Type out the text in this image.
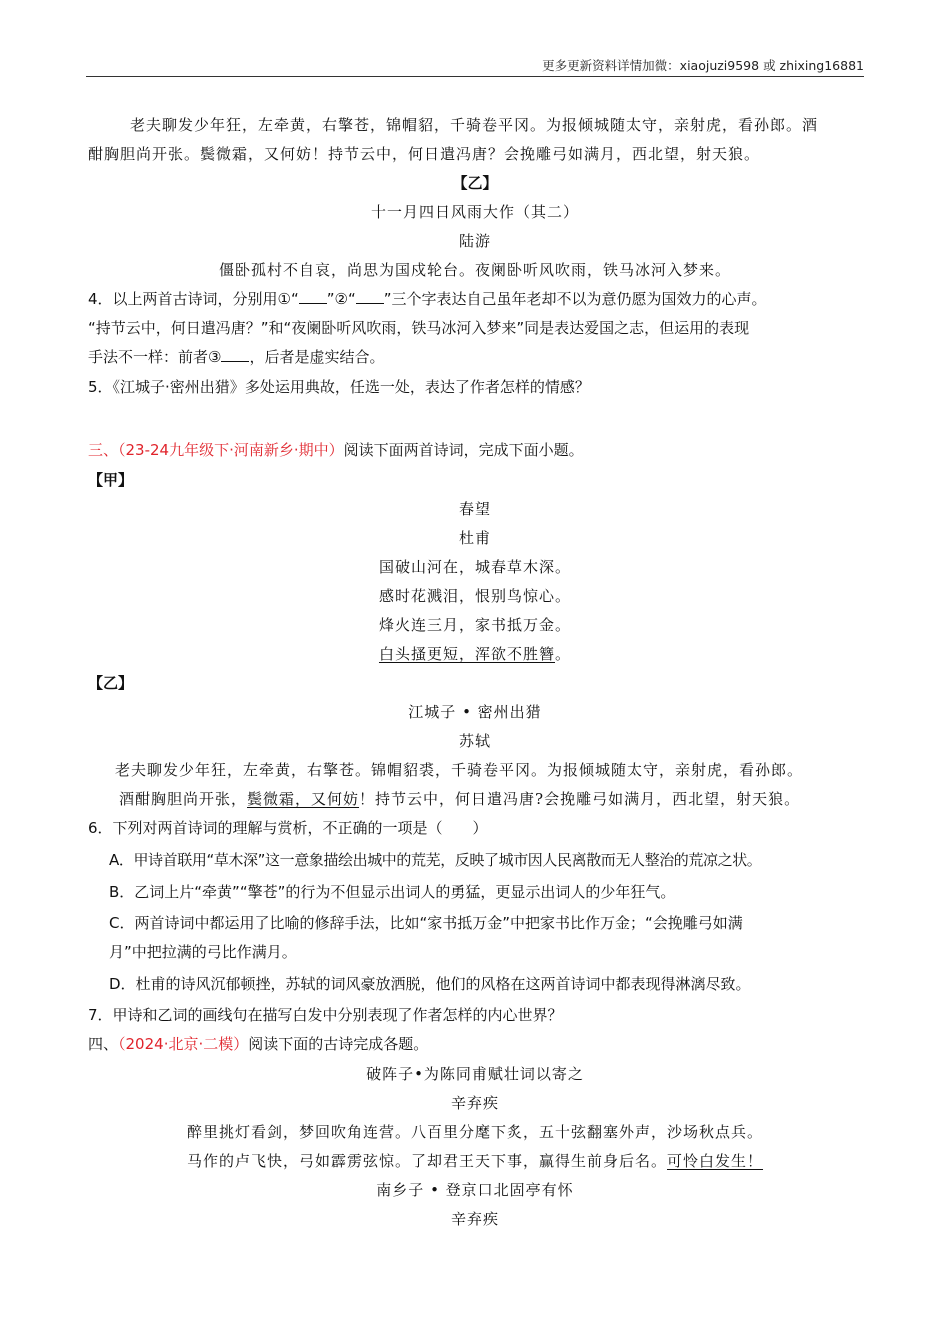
更多更新资料详情加微：xiaojuzi9598 或 zhixing16881
老夫聊发少年狂，左牵黄，右擎苍，锦帽貂，千骑卷平冈。为报倾城随太守，亲射虎，看孙郎。酒
酣胸胆尚开张。鬓微霜，又何妨！持节云中，何日遣冯唐？会挽雕弓如满月，西北望，射天狼。
【乙】
十一月四日风雨大作（其二）
陆游
僵卧孤村不自哀，尚思为国戍轮台。夜阑卧听风吹雨，铁马冰河入梦来。
4．以上两首古诗词，分别用①“ ”②“ ”三个字表达自己虽年老却不以为意仍愿为国效力的心声。
“持节云中，何日遣冯唐？”和“夜阑卧听风吹雨，铁马冰河入梦来”同是表达爱国之志，但运用的表现
手法不一样：前者③ ，后者是虚实结合。
5．《江城子·密州出猎》多处运用典故，任选一处，表达了作者怎样的情感？
三、（23-24九年级下·河南新乡·期中）阅读下面两首诗词，完成下面小题。
【甲】
春望
杜甫
国破山河在，城春草木深。
感时花溅泪，恨别鸟惊心。
烽火连三月，家书抵万金。
白头搔更短，浑欲不胜簪。
【乙】
江城子 • 密州出猎
苏轼
老夫聊发少年狂，左牵黄，右擎苍。锦帽貂裘，千骑卷平冈。为报倾城随太守，亲射虎，看孙郎。
酒酣胸胆尚开张，鬓微霜，又何妨！持节云中，何日遣冯唐?会挽雕弓如满月，西北望，射天狼。
6．下列对两首诗词的理解与赏析，不正确的一项是（　　）
A．甲诗首联用“草木深”这一意象描绘出城中的荒芜，反映了城市因人民离散而无人整治的荒凉之状。
B．乙词上片“牵黄”“擎苍”的行为不但显示出词人的勇猛，更显示出词人的少年狂气。
C．两首诗词中都运用了比喻的修辞手法，比如“家书抵万金”中把家书比作万金；“会挽雕弓如满
月”中把拉满的弓比作满月。
D．杜甫的诗风沉郁顿挫，苏轼的词风豪放洒脱，他们的风格在这两首诗词中都表现得淋漓尽致。
7．甲诗和乙词的画线句在描写白发中分别表现了作者怎样的内心世界？
四、（2024·北京·二模）阅读下面的古诗完成各题。
破阵子•为陈同甫赋壮词以寄之
辛弃疾
醉里挑灯看剑，梦回吹角连营。八百里分麾下炙，五十弦翻塞外声，沙场秋点兵。
马作的卢飞快，弓如霹雳弦惊。了却君王天下事，赢得生前身后名。可怜白发生！
南乡子 • 登京口北固亭有怀
辛弃疾
